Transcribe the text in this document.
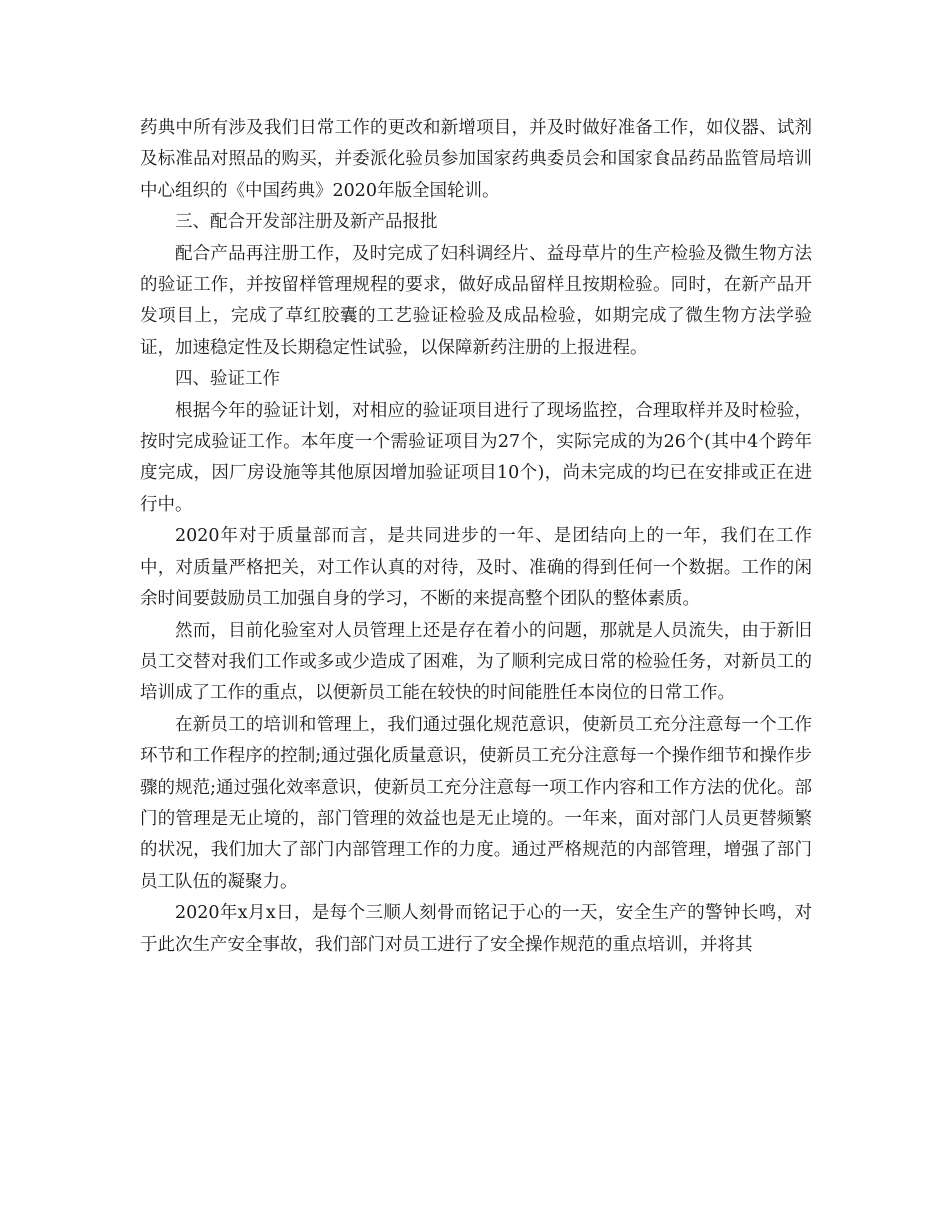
药典中所有涉及我们日常工作的更改和新增项目，并及时做好准备工作，如仪器、试剂及标准品对照品的购买，并委派化验员参加国家药典委员会和国家食品药品监管局培训中心组织的《中国药典》2020年版全国轮训。

三、配合开发部注册及新产品报批

配合产品再注册工作，及时完成了妇科调经片、益母草片的生产检验及微生物方法的验证工作，并按留样管理规程的要求，做好成品留样且按期检验。同时，在新产品开发项目上，完成了草红胶囊的工艺验证检验及成品检验，如期完成了微生物方法学验证，加速稳定性及长期稳定性试验，以保障新药注册的上报进程。

四、验证工作

根据今年的验证计划，对相应的验证项目进行了现场监控，合理取样并及时检验，按时完成验证工作。本年度一个需验证项目为27个，实际完成的为26个(其中4个跨年度完成，因厂房设施等其他原因增加验证项目10个)，尚未完成的均已在安排或正在进行中。

2020年对于质量部而言，是共同进步的一年、是团结向上的一年，我们在工作中，对质量严格把关，对工作认真的对待，及时、准确的得到任何一个数据。工作的闲余时间要鼓励员工加强自身的学习，不断的来提高整个团队的整体素质。

然而，目前化验室对人员管理上还是存在着小的问题，那就是人员流失，由于新旧员工交替对我们工作或多或少造成了困难，为了顺利完成日常的检验任务，对新员工的培训成了工作的重点，以便新员工能在较快的时间能胜任本岗位的日常工作。

在新员工的培训和管理上，我们通过强化规范意识，使新员工充分注意每一个工作环节和工作程序的控制;通过强化质量意识，使新员工充分注意每一个操作细节和操作步骤的规范;通过强化效率意识，使新员工充分注意每一项工作内容和工作方法的优化。部门的管理是无止境的，部门管理的效益也是无止境的。一年来，面对部门人员更替频繁的状况，我们加大了部门内部管理工作的力度。通过严格规范的内部管理，增强了部门员工队伍的凝聚力。

2020年x月x日，是每个三顺人刻骨而铭记于心的一天，安全生产的警钟长鸣，对于此次生产安全事故，我们部门对员工进行了安全操作规范的重点培训，并将其
